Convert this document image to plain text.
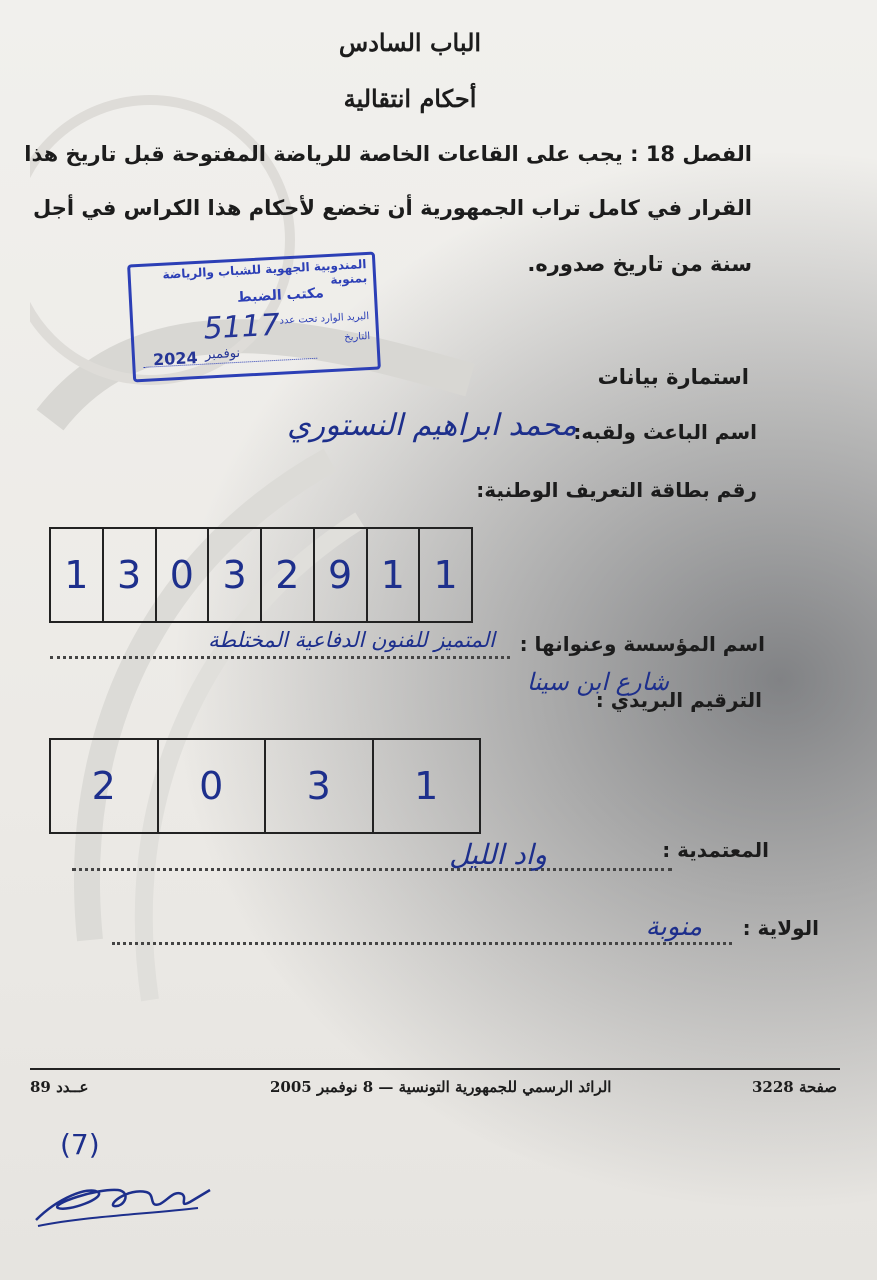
الباب السادس
أحكام انتقالية
الفصل 18 : يجب على القاعات الخاصة للرياضة المفتوحة قبل تاريخ هذا
القرار في كامل تراب الجمهورية أن تخضع لأحكام هذا الكراس في أجل
سنة من تاريخ صدوره.
المندوبية الجهوية للشباب والرياضة بمنوبة
مكتب الضبط
البريد الوارد تحت عدد
التاريخ
5117
نوفمبر
2024
استمارة بيانات
اسم الباعث ولقبه:
محمد ابراهيم النستوري
رقم بطاقة التعريف الوطنية:
1 3 0 3 2 9 1 1
اسم المؤسسة وعنوانها :
المتميز للفنون الدفاعية المختلطة
شارع ابن سينا
الترقيم البريدي :
2	0	3	1
المعتمدية :
واد الليل
الولاية :
منوبة
صفحة 3228
الرائد الرسمي للجمهورية التونسية — 8 نوفمبر 2005
عــدد 89
(7)
